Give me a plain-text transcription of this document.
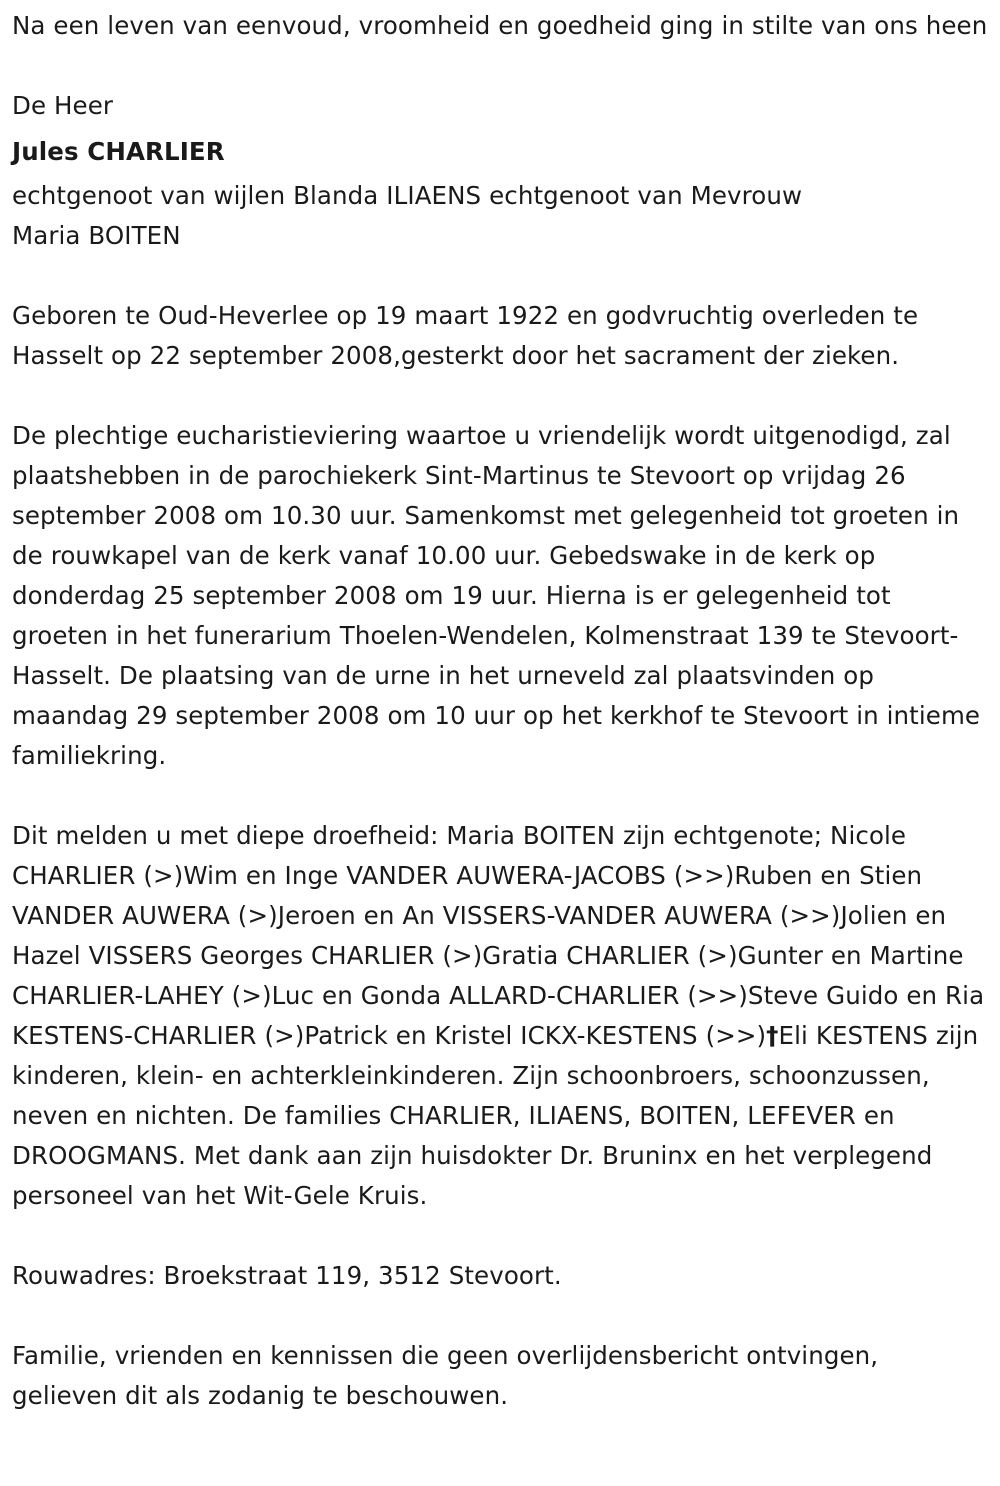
Na een leven van eenvoud, vroomheid en goedheid ging in stilte van ons heen

De Heer

Jules CHARLIER

echtgenoot van wijlen Blanda ILIAENS echtgenoot van Mevrouw

Maria BOITEN

Geboren te Oud-Heverlee op 19 maart 1922 en godvruchtig overleden te Hasselt op 22 september 2008,gesterkt door het sacrament der zieken.

De plechtige eucharistieviering waartoe u vriendelijk wordt uitgenodigd, zal plaatshebben in de parochiekerk Sint-Martinus te Stevoort op vrijdag 26 september 2008 om 10.30 uur. Samenkomst met gelegenheid tot groeten in de rouwkapel van de kerk vanaf 10.00 uur. Gebedswake in de kerk op donderdag 25 september 2008 om 19 uur. Hierna is er gelegenheid tot groeten in het funerarium Thoelen-Wendelen, Kolmenstraat 139 te Stevoort-Hasselt. De plaatsing van de urne in het urneveld zal plaatsvinden op maandag 29 september 2008 om 10 uur op het kerkhof te Stevoort in intieme familiekring.

Dit melden u met diepe droefheid: Maria BOITEN zijn echtgenote; Nicole CHARLIER (>)Wim en Inge VANDER AUWERA-JACOBS (>>)Ruben en Stien VANDER AUWERA (>)Jeroen en An VISSERS-VANDER AUWERA (>>)Jolien en Hazel VISSERS Georges CHARLIER (>)Gratia CHARLIER (>)Gunter en Martine CHARLIER-LAHEY (>)Luc en Gonda ALLARD-CHARLIER (>>)Steve Guido en Ria KESTENS-CHARLIER (>)Patrick en Kristel ICKX-KESTENS (>>)†Eli KESTENS zijn kinderen, klein- en achterkleinkinderen. Zijn schoonbroers, schoonzussen, neven en nichten. De families CHARLIER, ILIAENS, BOITEN, LEFEVER en DROOGMANS. Met dank aan zijn huisdokter Dr. Bruninx en het verplegend personeel van het Wit-Gele Kruis.

Rouwadres: Broekstraat 119, 3512 Stevoort.

Familie, vrienden en kennissen die geen overlijdensbericht ontvingen, gelieven dit als zodanig te beschouwen.
